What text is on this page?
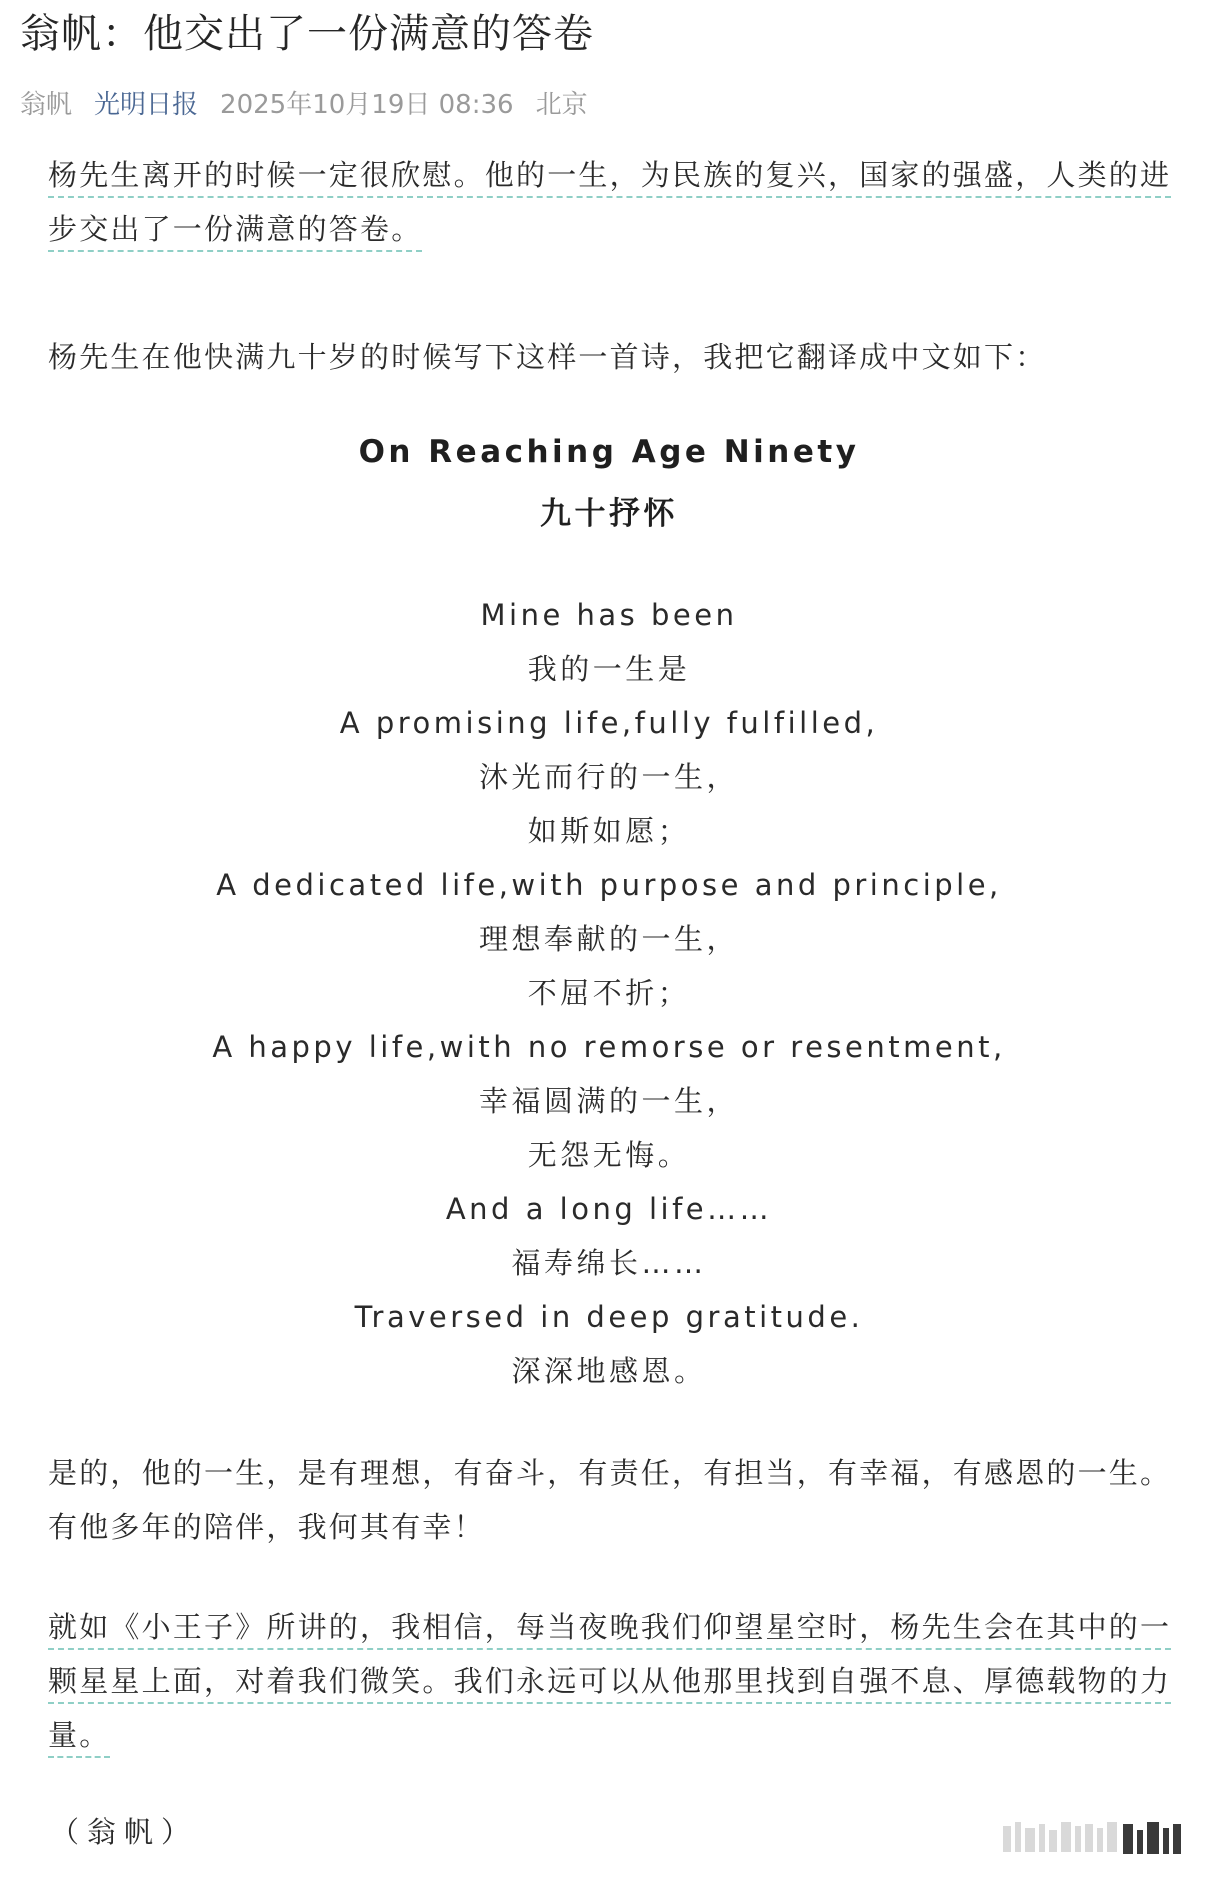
翁帆：他交出了一份满意的答卷
翁帆 光明日报 2025年10月19日 08:36 北京
杨先生离开的时候一定很欣慰。他的一生，为民族的复兴，国家的强盛，人类的进步交出了一份满意的答卷。
杨先生在他快满九十岁的时候写下这样一首诗，我把它翻译成中文如下：
On Reaching Age Ninety
九十抒怀
Mine has been
我的一生是
A promising life,fully fulfilled,
沐光而行的一生，
如斯如愿；
A dedicated life,with purpose and principle,
理想奉献的一生，
不屈不折；
A happy life,with no remorse or resentment,
幸福圆满的一生，
无怨无悔。
And a long life……
福寿绵长……
Traversed in deep gratitude.
深深地感恩。
是的，他的一生，是有理想，有奋斗，有责任，有担当，有幸福，有感恩的一生。有他多年的陪伴，我何其有幸！
就如《小王子》所讲的，我相信，每当夜晚我们仰望星空时，杨先生会在其中的一颗星星上面，对着我们微笑。我们永远可以从他那里找到自强不息、厚德载物的力量。
（翁帆）
